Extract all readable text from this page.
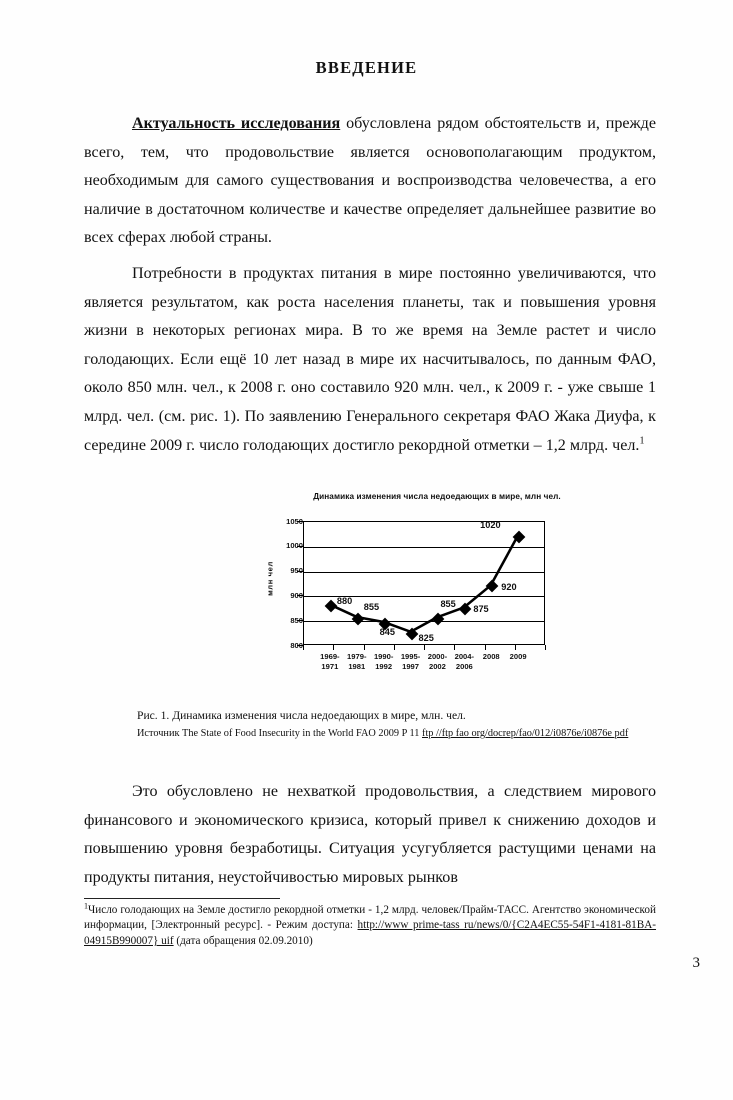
ВВЕДЕНИЕ

Актуальность исследования обусловлена рядом обстоятельств и, прежде всего, тем, что продовольствие является основополагающим продуктом, необходимым для самого существования и воспроизводства человечества, а его наличие в достаточном количестве и качестве определяет дальнейшее развитие во всех сферах любой страны.

Потребности в продуктах питания в мире постоянно увеличиваются, что является результатом, как роста населения планеты, так и повышения уровня жизни в некоторых регионах мира. В то же время на Земле растет и число голодающих. Если ещё 10 лет назад в мире их насчитывалось, по данным ФАО, около 850 млн. чел., к 2008 г. оно составило 920 млн. чел., к 2009 г. - уже свыше 1 млрд. чел. (см. рис. 1). По заявлению Генерального секретаря ФАО Жака Диуфа, к середине 2009 г. число голодающих достигло рекордной отметки – 1,2 млрд. чел.$^1$

Динамика изменения числа недоедающих в мире, млн чел.
млн чел
1050
1000
950
900
850
800
1969-
1971
1979-
1981
1990-
1992
1995-
1997
2000-
2002
2004-
2006
2008	2009
880
855
845
825
855
875
920
1020
Рис. 1. Динамика изменения числа недоедающих в мире, млн. чел.
Источник The State of Food Insecurity in the World FAO 2009 P 11 ftp //ftp fao org/docrep/fao/012/i0876e/i0876e pdf

Это обусловлено не нехваткой продовольствия, а следствием мирового финансового и экономического кризиса, который привел к снижению доходов и повышению уровня безработицы. Ситуация усугубляется растущими ценами на продукты питания, неустойчивостью мировых рынков

$^1$Число голодающих на Земле достигло рекордной отметки - 1,2 млрд. человек/Прайм-ТАСС. Агентство экономической информации, [Электронный ресурс]. - Режим доступа: http://www prime-tass ru/news/0/{C2A4EC55-54F1-4181-81BA-04915B990007} uif (дата обращения 02.09.2010)
3
